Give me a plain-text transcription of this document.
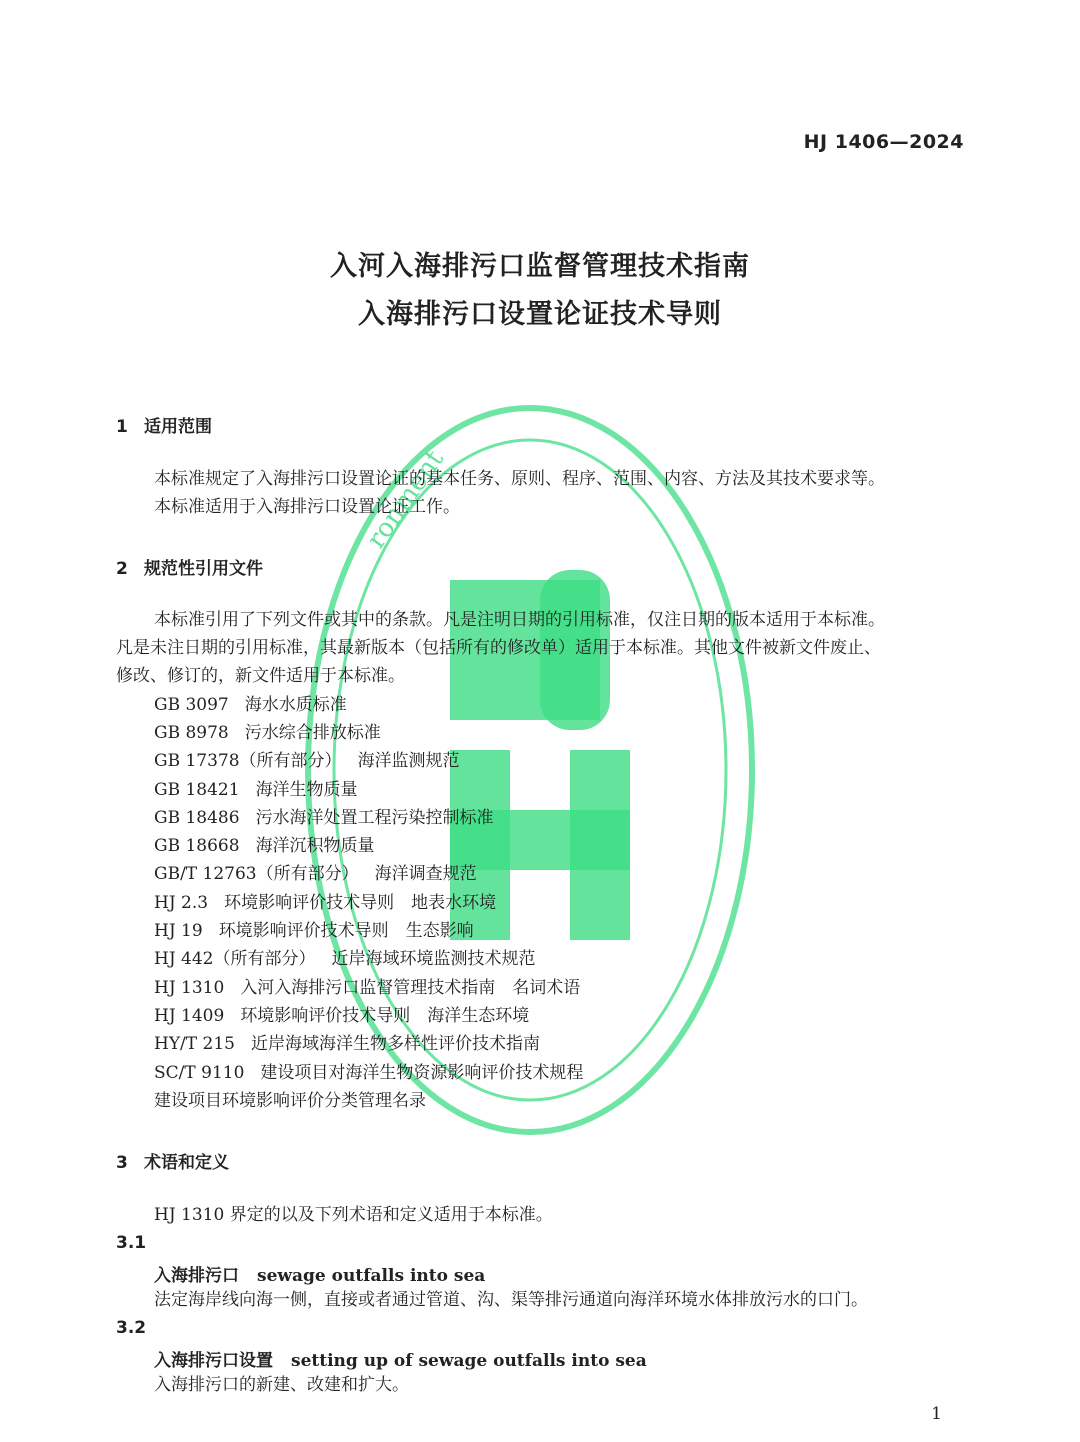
ronment
HJ 1406—2024
入河入海排污口监督管理技术指南
入海排污口设置论证技术导则
1 适用范围
本标准规定了入海排污口设置论证的基本任务、原则、程序、范围、内容、方法及其技术要求等。
本标准适用于入海排污口设置论证工作。
2 规范性引用文件
本标准引用了下列文件或其中的条款。凡是注明日期的引用标准，仅注日期的版本适用于本标准。
凡是未注日期的引用标准，其最新版本（包括所有的修改单）适用于本标准。其他文件被新文件废止、
修改、修订的，新文件适用于本标准。
GB 3097 海水水质标准
GB 8978 污水综合排放标准
GB 17378（所有部分） 海洋监测规范
GB 18421 海洋生物质量
GB 18486 污水海洋处置工程污染控制标准
GB 18668 海洋沉积物质量
GB/T 12763（所有部分） 海洋调查规范
HJ 2.3 环境影响评价技术导则　地表水环境
HJ 19 环境影响评价技术导则　生态影响
HJ 442（所有部分） 近岸海域环境监测技术规范
HJ 1310 入河入海排污口监督管理技术指南　名词术语
HJ 1409 环境影响评价技术导则　海洋生态环境
HY/T 215 近岸海域海洋生物多样性评价技术指南
SC/T 9110 建设项目对海洋生物资源影响评价技术规程
建设项目环境影响评价分类管理名录
3 术语和定义
HJ 1310 界定的以及下列术语和定义适用于本标准。
3.1
入海排污口 sewage outfalls into sea
法定海岸线向海一侧，直接或者通过管道、沟、渠等排污通道向海洋环境水体排放污水的口门。
3.2
入海排污口设置 setting up of sewage outfalls into sea
入海排污口的新建、改建和扩大。
1
